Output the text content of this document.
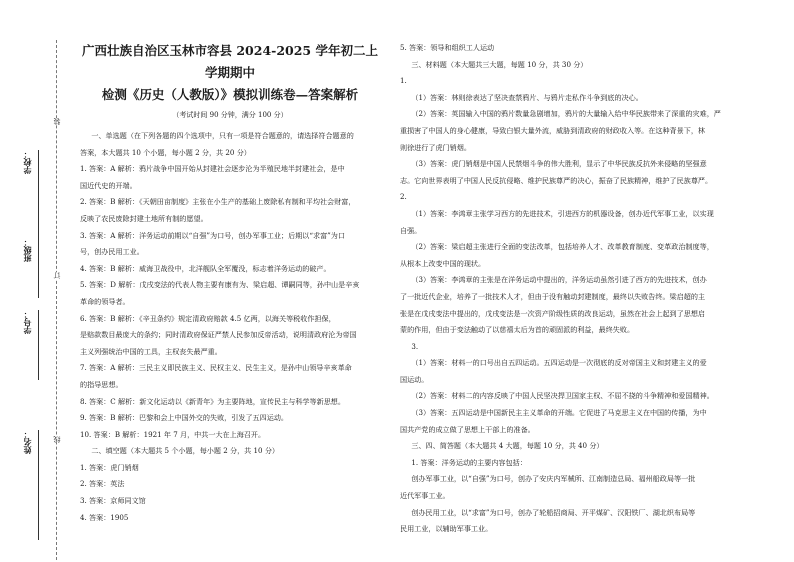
学校：
班级：
学号：
姓名：
装
订
线

广西壮族自治区玉林市容县 2024-2025 学年初二上学期期中

检测《历史（人教版）》模拟训练卷—答案解析

（考试时间 90 分钟，满分 100 分）

一、单选题（在下列各题的四个选项中，只有一项是符合题意的，请选择符合题意的

答案，本大题共 10 个小题，每小题 2 分，共 20 分）

1. 答案：A 解析：鸦片战争中国开始从封建社会逐步沦为半殖民地半封建社会，是中

国近代史的开端。

2. 答案：B 解析：《天朝田亩制度》主张在小生产的基础上废除私有制和平均社会财富，

反映了农民废除封建土地所有制的愿望。

3. 答案：A 解析：洋务运动前期以“自强”为口号，创办军事工业；后期以“求富”为口

号，创办民用工业。

4. 答案：B 解析：威海卫战役中，北洋舰队全军覆没，标志着洋务运动的破产。

5. 答案：D 解析：戊戌变法的代表人物主要有康有为、梁启超、谭嗣同等，孙中山是辛亥

革命的领导者。

6. 答案：B 解析：《辛丑条约》规定清政府赔款 4.5 亿两，以海关等税收作担保，

是赔款数目最庞大的条约；同时清政府保证严禁人民参加反帝活动，说明清政府沦为帝国

主义列强统治中国的工具，主权丧失最严重。

7. 答案：A 解析：三民主义即民族主义、民权主义、民生主义，是孙中山领导辛亥革命

的指导思想。

8. 答案：C 解析：新文化运动以《新青年》为主要阵地，宣传民主与科学等新思想。

9. 答案：B 解析：巴黎和会上中国外交的失败，引发了五四运动。

10. 答案：B 解析：1921 年 7 月，中共一大在上海召开。

二、填空题（本大题共 5 个小题，每小题 2 分，共 10 分）

1. 答案：虎门销烟

2. 答案：英法

3. 答案：京师同文馆

4. 答案：1905

5. 答案：领导和组织工人运动

三、材料题（本大题共三大题，每题 10 分，共 30 分）

1.

（1）答案：林则徐表达了坚决查禁鸦片、与鸦片走私作斗争到底的决心。

（2）答案：英国输入中国的鸦片数量急剧增加，鸦片的大量输入给中华民族带来了深重的灾难，严

重损害了中国人的身心健康，导致白银大量外流，威胁到清政府的财政收入等。在这种背景下，林

则徐进行了虎门销烟。

（3）答案：虎门销烟是中国人民禁烟斗争的伟大胜利，显示了中华民族反抗外来侵略的坚强意

志。它向世界表明了中国人民反抗侵略、维护民族尊严的决心，振奋了民族精神，维护了民族尊严。

2.

（1）答案：李鸿章主张学习西方的先进技术，引进西方的机器设备，创办近代军事工业，以实现

自强。

（2）答案：梁启超主张进行全面的变法改革，包括培养人才、改革教育制度、变革政治制度等，

从根本上改变中国的现状。

（3）答案：李鸿章的主张是在洋务运动中提出的，洋务运动虽然引进了西方的先进技术，创办

了一批近代企业，培养了一批技术人才，但由于没有触动封建制度，最终以失败告终。梁启超的主

张是在戊戌变法中提出的，戊戌变法是一次资产阶级性质的改良运动，虽然在社会上起到了思想启

蒙的作用，但由于变法触动了以慈禧太后为首的顽固派的利益，最终失败。

3.

（1）答案：材料一的口号出自五四运动。五四运动是一次彻底的反对帝国主义和封建主义的爱

国运动。

（2）答案：材料二的内容反映了中国人民坚决捍卫国家主权、不屈不挠的斗争精神和爱国精神。

（3）答案：五四运动是中国新民主主义革命的开端。它促进了马克思主义在中国的传播，为中

国共产党的成立做了思想上干部上的准备。

三、四、简答题（本大题共 4 大题，每题 10 分，共 40 分）

1. 答案：洋务运动的主要内容包括：

创办军事工业，以“自强”为口号，创办了安庆内军械所、江南制造总局、福州船政局等一批

近代军事工业。

创办民用工业，以“求富”为口号，创办了轮船招商局、开平煤矿、汉阳铁厂、湖北织布局等

民用工业，以辅助军事工业。
